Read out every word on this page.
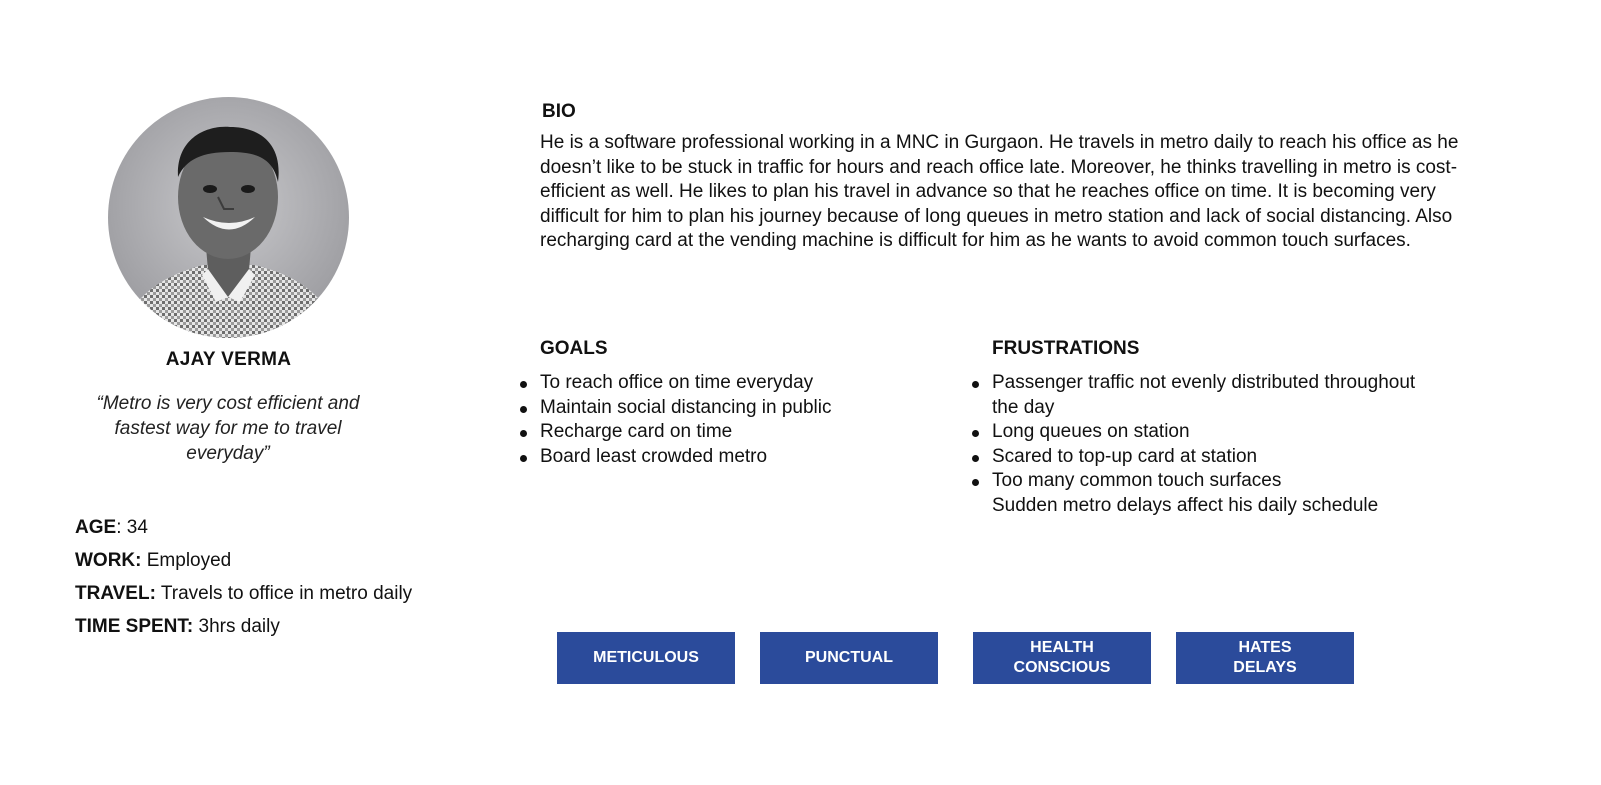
AJAY VERMA
“Metro is very cost efficient and fastest way for me to travel everyday”
AGE: 34
WORK: Employed
TRAVEL: Travels to office in metro daily
TIME SPENT: 3hrs daily
BIO
He is a software professional working in a MNC in Gurgaon. He travels in metro daily to reach his office as he doesn’t like to be stuck in traffic for hours and reach office late. Moreover, he thinks travelling in metro is cost-efficient as well. He likes to plan his travel in advance so that he reaches office on time. It is becoming very difficult for him to plan his journey because of long queues in metro station and lack of social distancing. Also recharging card at the vending machine is difficult for him as he wants to avoid common touch surfaces.
GOALS
To reach office on time everyday
Maintain social distancing in public
Recharge card on time
Board least crowded metro
FRUSTRATIONS
Passenger traffic not evenly distributed throughout the day
Long queues on station
Scared to top-up card at station
Too many common touch surfaces
Sudden metro delays affect his daily schedule
METICULOUS	PUNCTUAL
HEALTH
CONSCIOUS
HATES
DELAYS
